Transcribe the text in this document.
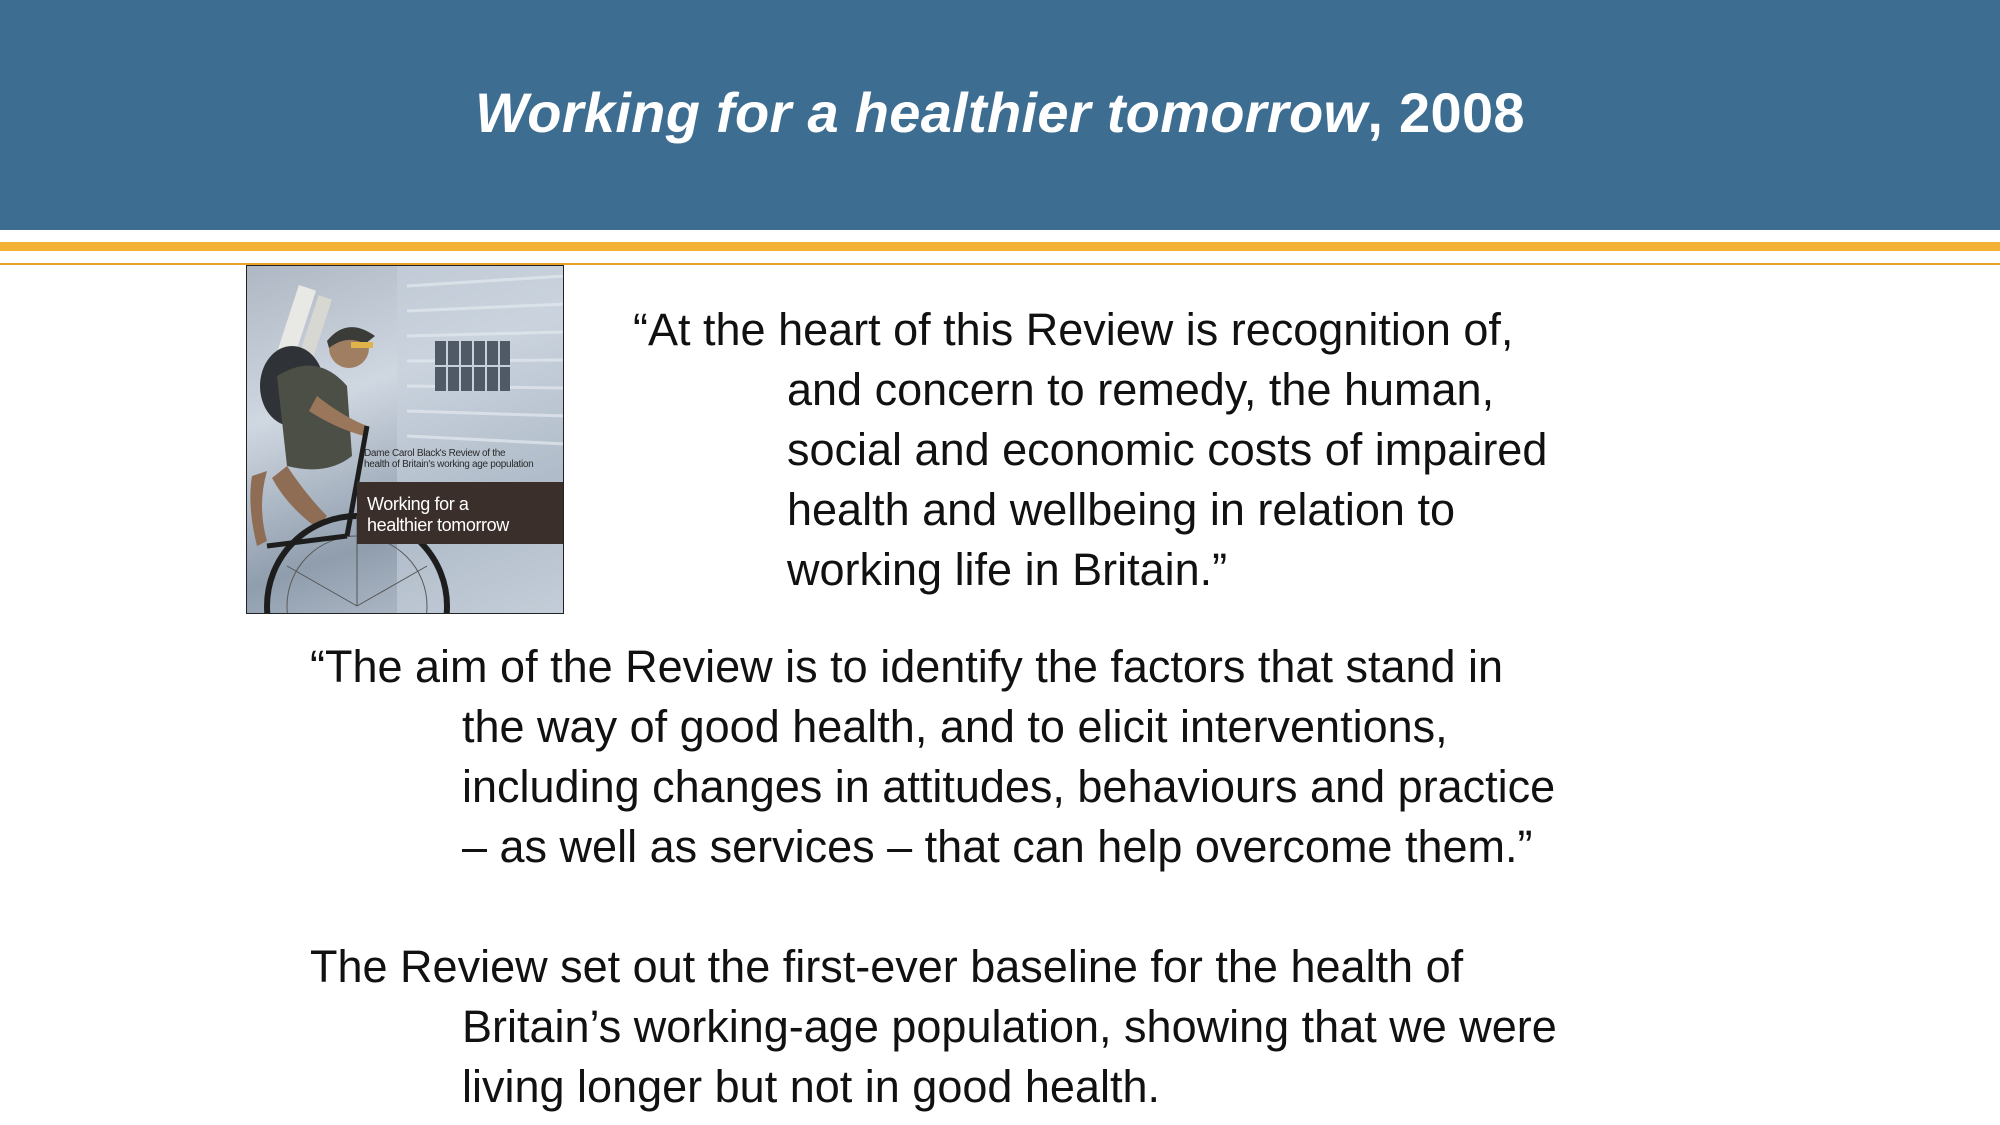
Working for a healthier tomorrow, 2008
Dame Carol Black's Review of the
health of Britain's working age population
Working for a
healthier tomorrow
“At the heart of this Review is recognition of,
and concern to remedy, the human,
social and economic costs of impaired
health and wellbeing in relation to
working life in Britain.”
“The aim of the Review is to identify the factors that stand in
the way of good health, and to elicit interventions,
including changes in attitudes, behaviours and practice
– as well as services – that can help overcome them.”
The Review set out the first-ever baseline for the health of
Britain’s working-age population, showing that we were
living longer but not in good health.
